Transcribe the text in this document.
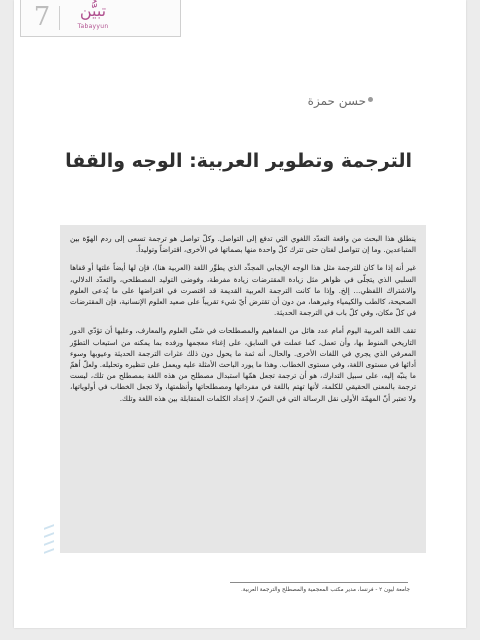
7	تبيُّن
Tabayyun
حسن حمزة
الترجمة وتطوير العربية: الوجه والقفا

ينطلق هذا البحث من واقعة التعدّد اللغوي التي تدفع إلى التواصل. وكلّ تواصل هو ترجمة تسعى إلى ردم الهوّة بين المتباعدين. وما إن تتواصل لغتان حتى تترك كلّ واحدة منها بصماتها في الأخرى، اقتراضاً وتوليداً.

غير أنه إذا ما كان للترجمة مثل هذا الوجه الإيجابي المجدِّد الذي يطوِّر اللغة (العربية هنا)، فإن لها أيضاً علتها أو قفاها السلبي الذي يتجلّى في ظواهر مثل زيادة المقترضات زيادة مفرطة، وفوضى التوليد المصطلحي، والتعدّد الدلالي، والاشتراك اللفظي... إلخ. وإذا ما كانت الترجمة العربية القديمة قد اقتصرت في اقتراضها على ما يُدعى العلوم الصحيحة، كالطب والكيمياء وغيرهما، من دون أن تقترض أيّ شيء تقريباً على صعيد العلوم الإنسانية، فإن المقترضات في كلّ مكان، وفي كلّ باب في الترجمة الحديثة.

تقف اللغة العربية اليوم أمام عدد هائل من المفاهيم والمصطلحات في شتّى العلوم والمعارف، وعليها أن تؤدّي الدور التاريخي المنوط بها، وأن تعمل، كما عملت في السابق، على إغناء معجمها ورفده بما يمكنه من استيعاب التطوّر المعرفي الذي يجري في اللغات الأخرى. والحال، أنه ثمة ما يحول دون ذلك عثرات الترجمة الحديثة وعيوبها وسوء أدائها في مستوى اللغة، وفي مستوى الخطاب. وهذا ما يورد الباحث الأمثلة عليه ويعمل على تنظيره وتحليله. ولعلّ أهمّ ما ينبّه إليه، على سبيل التدارك، هو أن ترجمة تجعل همّها استبدال مصطلح من هذه اللغة بمصطلح من تلك، ليست ترجمة بالمعنى الحقيقي للكلمة، لأنها تهتم باللغة في مفرداتها ومصطلحاتها وأنظمتها، ولا تجعل الخطاب في أولوياتها، ولا تعتبر أنّ المهمّة الأولى نقل الرسالة التي في النصّ، لا إعداد الكلمات المتقابلة بين هذه اللغة وتلك.

جامعة ليون ٢ - فرنسا، مدير مكتب المعجمية والمصطلح والترجمة العربية.
